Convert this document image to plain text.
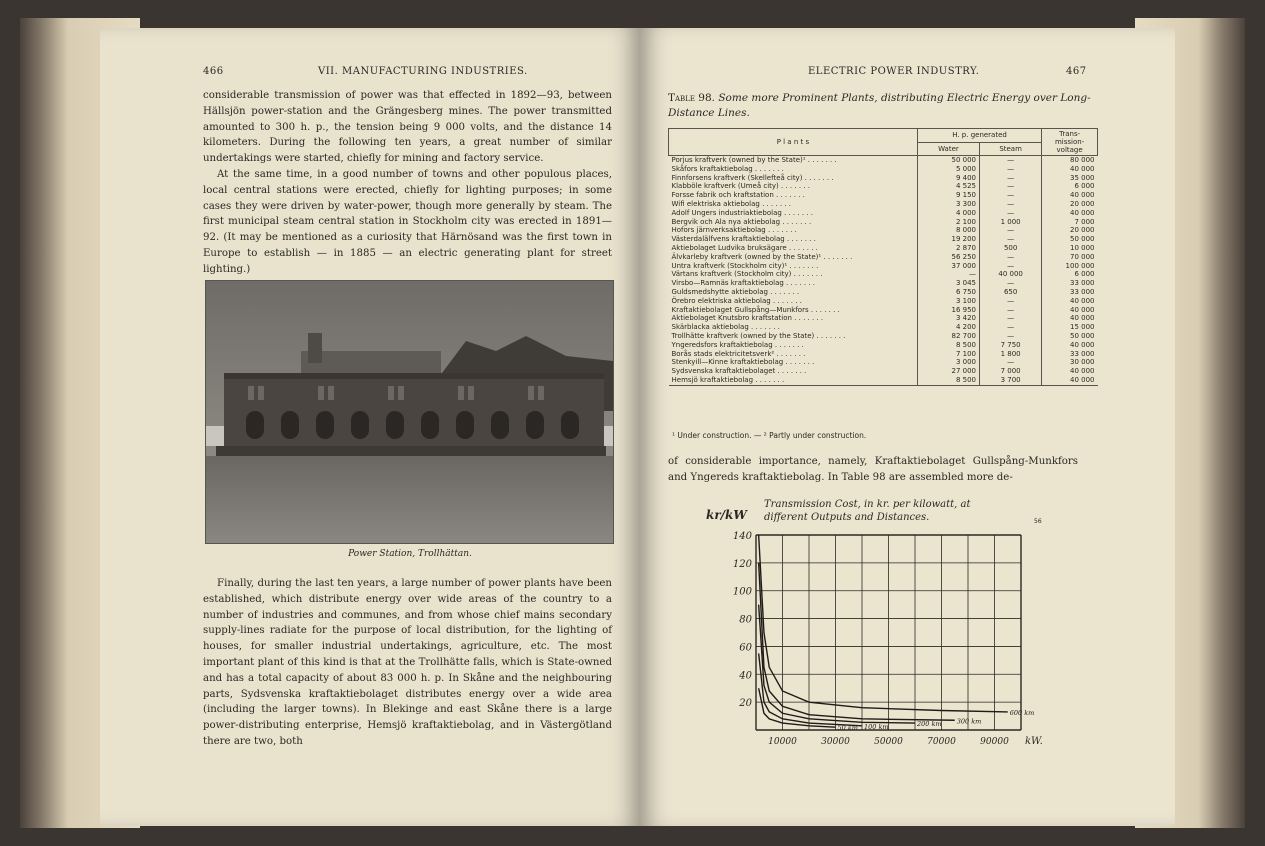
466	VII. MANUFACTURING INDUSTRIES.

considerable transmission of power was that effected in 1892—93, between Hällsjön power-station and the Grängesberg mines. The power transmitted amounted to 300 h. p., the tension being 9 000 volts, and the distance 14 kilometers. During the following ten years, a great number of similar undertakings were started, chiefly for mining and factory service.

At the same time, in a good number of towns and other populous places, local central stations were erected, chiefly for lighting purposes; in some cases they were driven by water-power, though more generally by steam. The first municipal steam central station in Stockholm city was erected in 1891—92. (It may be mentioned as a curiosity that Härnösand was the first town in Europe to establish — in 1885 — an electric generating plant for street lighting.)

Power Station, Trollhättan.

Finally, during the last ten years, a large number of power plants have been established, which distribute energy over wide areas of the country to a number of industries and communes, and from whose chief mains secondary supply-lines radiate for the purpose of local distribution, for the lighting of houses, for smaller industrial undertakings, agriculture, etc. The most important plant of this kind is that at the Trollhätte falls, which is State-owned and has a total capacity of about 83 000 h. p. In Skåne and the neighbouring parts, Sydsvenska kraftaktiebolaget distributes energy over a wide area (including the larger towns). In Blekinge and east Skåne there is a large power-distributing enterprise, Hemsjö kraftaktiebolag, and in Västergötland there are two, both

ELECTRIC POWER INDUSTRY.	467
Table 98. Some more Prominent Plants, distributing Electric Energy over Long-Distance Lines.
P l a n t s	H. p. generated		Trans-mission-voltage
	Water	Steam	
Porjus kraftverk (owned by the State)¹ . . . . . . .	50 000	—	80 000
Skåfors kraftaktiebolag . . . . . . .	5 000	—	40 000
Finnforsens kraftverk (Skellefteå city) . . . . . . .	9 400	—	35 000
Klabböle kraftverk (Umeå city) . . . . . . .	4 525	—	6 000
Forsse fabrik och kraftstation . . . . . . .	9 150	—	40 000
Wifi elektriska aktiebolag . . . . . . .	3 300	—	20 000
Adolf Ungers industriaktiebolag . . . . . . .	4 000	—	40 000
Bergvik och Ala nya aktiebolag . . . . . . .	2 100	1 000	7 000
Hofors järnverksaktiebolag . . . . . . .	8 000	—	20 000
Västerdalälfvens kraftaktiebolag . . . . . . .	19 200	—	50 000
Aktiebolaget Ludvika bruksägare . . . . . . .	2 870	500	10 000
Älvkarleby kraftverk (owned by the State)¹ . . . . . . .	56 250	—	70 000
Untra kraftverk (Stockholm city)¹ . . . . . . .	37 000	—	100 000
Värtans kraftverk (Stockholm city) . . . . . . .	—	40 000	6 000
Virsbo—Ramnäs kraftaktiebolag . . . . . . .	3 045	—	33 000
Guldsmedshytte aktiebolag . . . . . . .	6 750	650	33 000
Örebro elektriska aktiebolag . . . . . . .	3 100	—	40 000
Kraftaktiebolaget Gullspång—Munkfors . . . . . . .	16 950	—	40 000
Aktiebolaget Knutsbro kraftstation . . . . . . .	3 420	—	40 000
Skärblacka aktiebolag . . . . . . .	4 200	—	15 000
Trollhätte kraftverk (owned by the State) . . . . . . .	82 700	—	50 000
Yngeredsfors kraftaktiebolag . . . . . . .	8 500	7 750	40 000
Borås stads elektricitetsverk² . . . . . . .	7 100	1 800	33 000
Stenkyill—Kinne kraftaktiebolag . . . . . . .	3 000	—	30 000
Sydsvenska kraftaktiebolaget . . . . . . .	27 000	7 000	40 000
Hemsjö kraftaktiebolag . . . . . . .	8 500	3 700	40 000
¹ Under construction. — ² Partly under construction.

of considerable importance, namely, Kraftaktiebolaget Gullspång-Munkfors and Yngereds kraftaktiebolag. In Table 98 are assembled more de-

Transmission Cost, in kr. per kilowatt, at different Outputs and Distances.	56
kr/kW
20
40
60
80
100
120
140
10000	30000	50000	70000	90000 kW.
50 km 100 km	200 km 300 km
600 km
